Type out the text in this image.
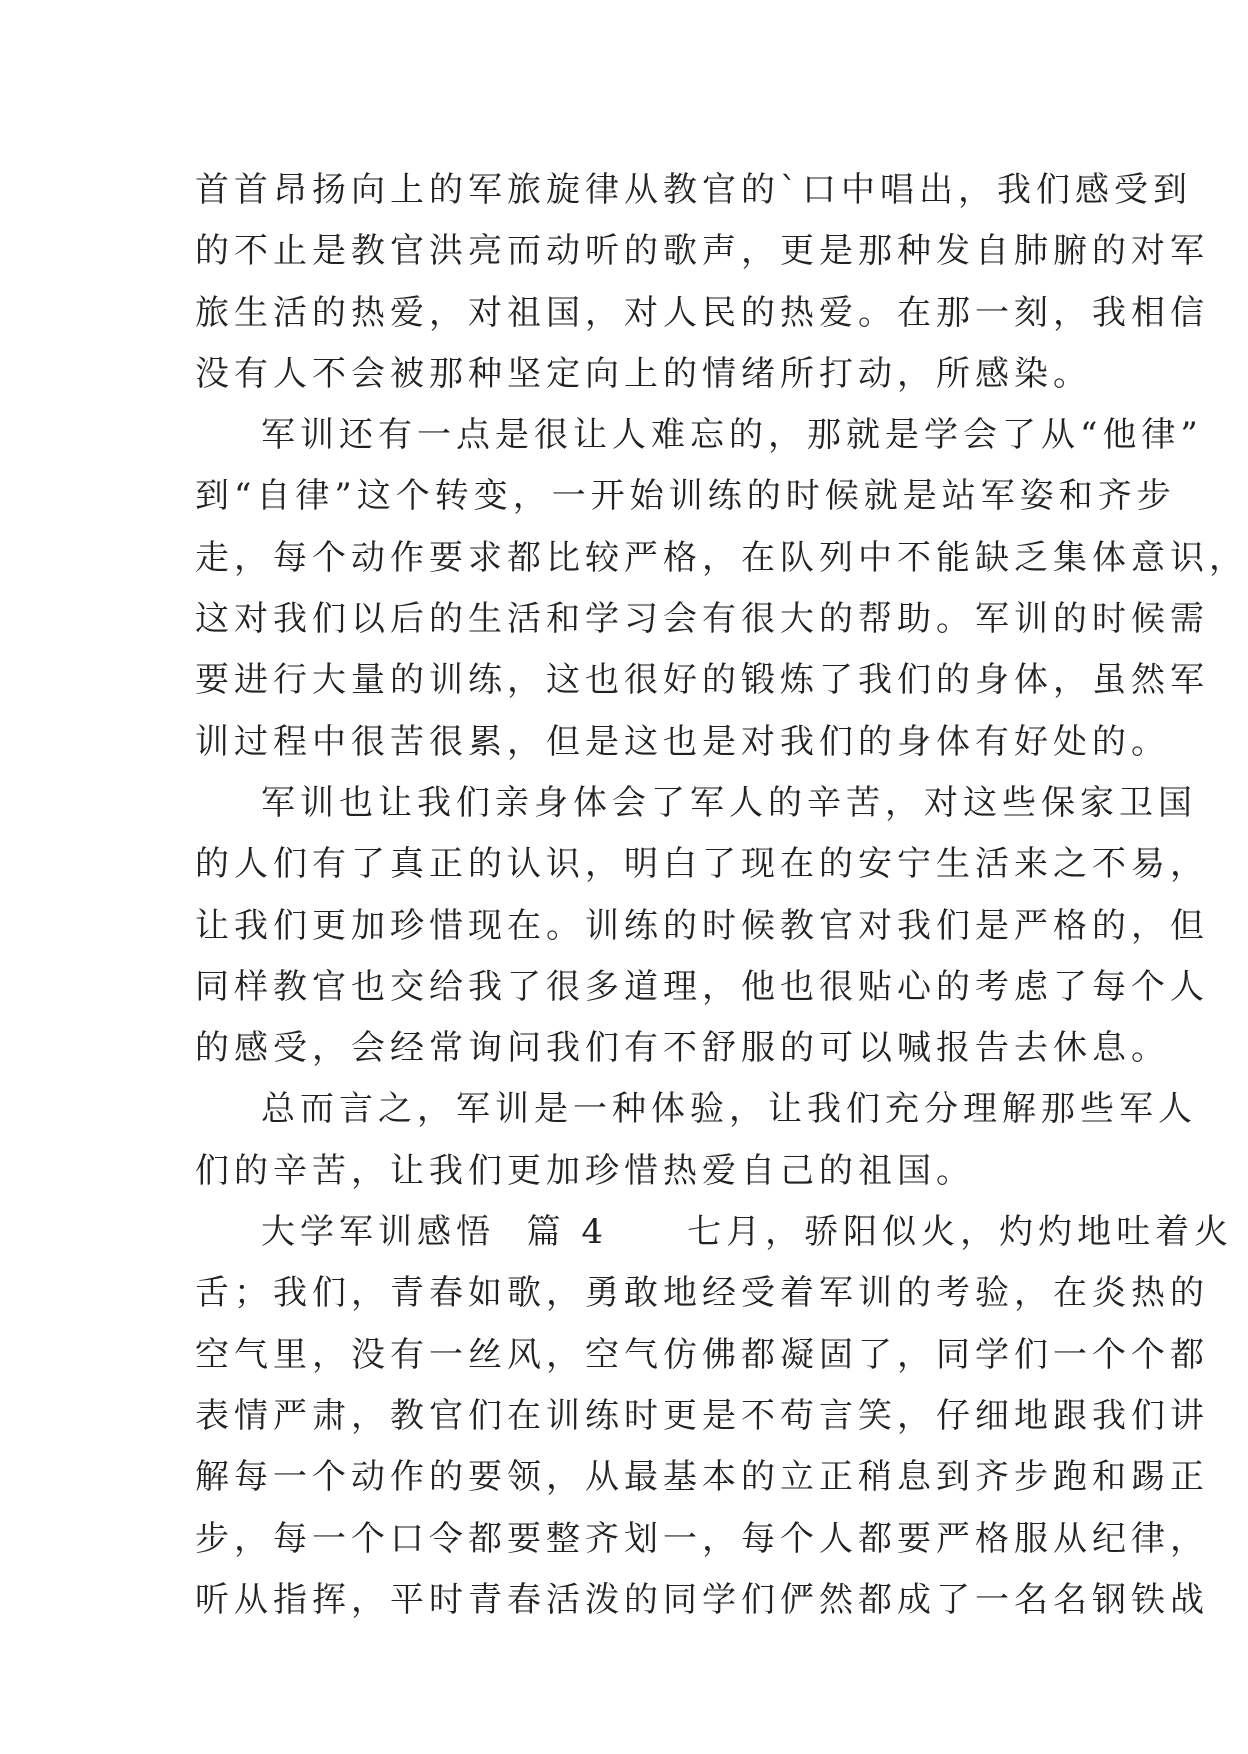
首首昂扬向上的军旅旋律从教官的`口中唱出，我们感受到
的不止是教官洪亮而动听的歌声，更是那种发自肺腑的对军
旅生活的热爱，对祖国，对人民的热爱。在那一刻，我相信
没有人不会被那种坚定向上的情绪所打动，所感染。
军训还有一点是很让人难忘的，那就是学会了从“他律”
到“自律”这个转变，一开始训练的时候就是站军姿和齐步
走，每个动作要求都比较严格，在队列中不能缺乏集体意识，
这对我们以后的生活和学习会有很大的帮助。军训的时候需
要进行大量的训练，这也很好的锻炼了我们的身体，虽然军
训过程中很苦很累，但是这也是对我们的身体有好处的。
军训也让我们亲身体会了军人的辛苦，对这些保家卫国
的人们有了真正的认识，明白了现在的安宁生活来之不易，
让我们更加珍惜现在。训练的时候教官对我们是严格的，但
同样教官也交给我了很多道理，他也很贴心的考虑了每个人
的感受，会经常询问我们有不舒服的可以喊报告去休息。
总而言之，军训是一种体验，让我们充分理解那些军人
们的辛苦，让我们更加珍惜热爱自己的祖国。
大学军训感悟  篇 4     七月，骄阳似火，灼灼地吐着火
舌；我们，青春如歌，勇敢地经受着军训的考验，在炎热的
空气里，没有一丝风，空气仿佛都凝固了，同学们一个个都
表情严肃，教官们在训练时更是不苟言笑，仔细地跟我们讲
解每一个动作的要领，从最基本的立正稍息到齐步跑和踢正
步，每一个口令都要整齐划一，每个人都要严格服从纪律，
听从指挥，平时青春活泼的同学们俨然都成了一名名钢铁战
